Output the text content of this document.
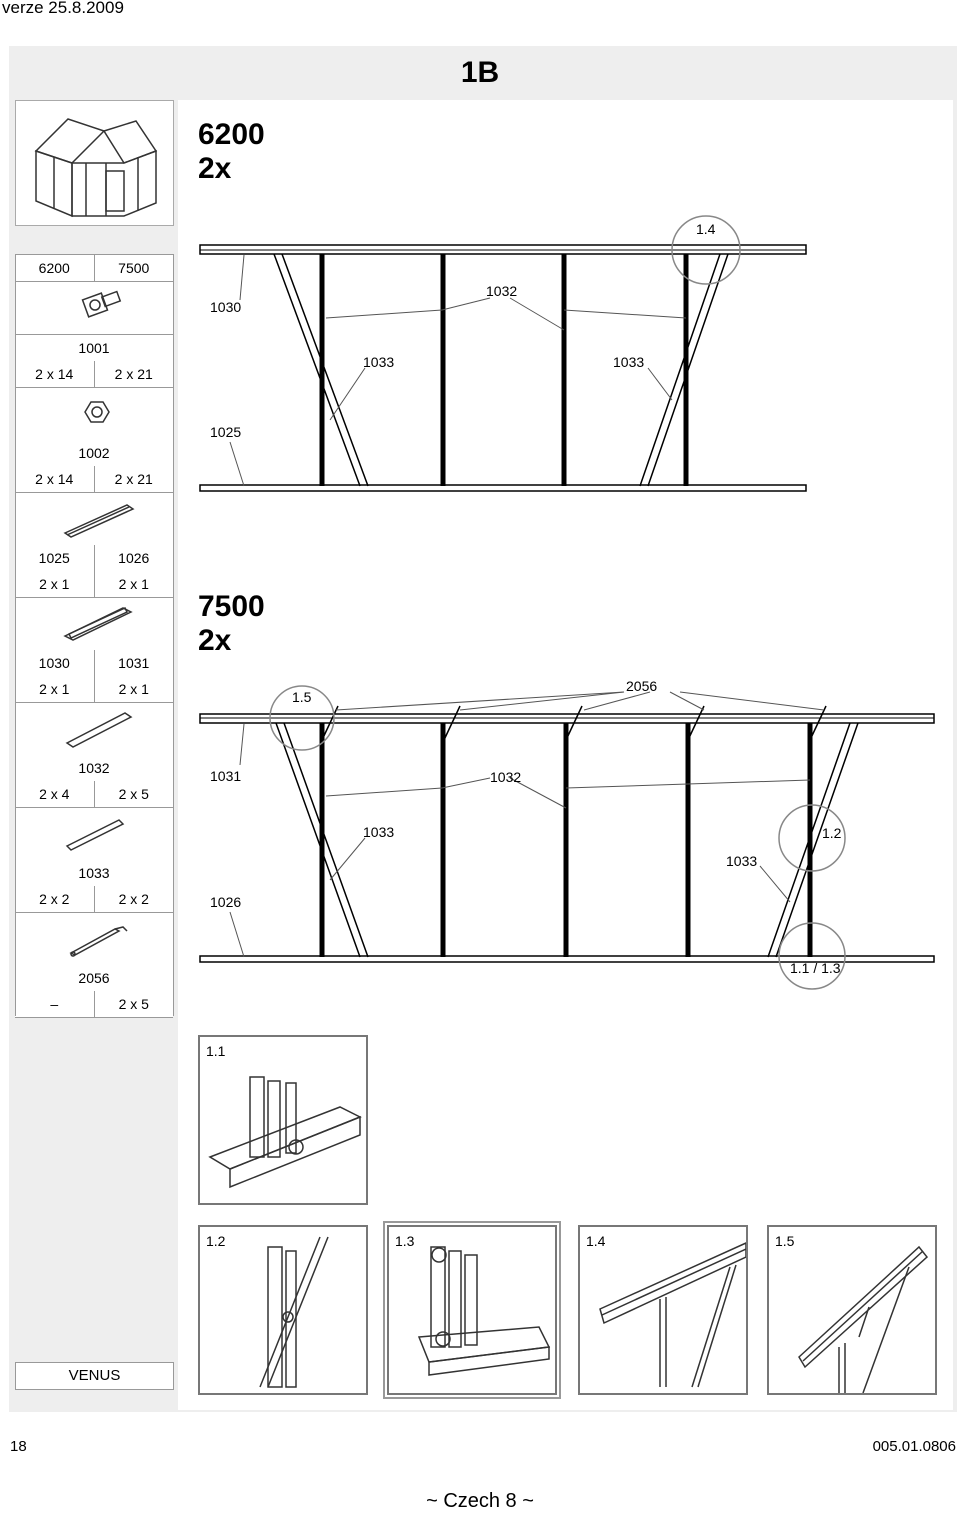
verze 25.8.2009
1B
6200	7500
1001
2 x 14	2 x 21
1002
2 x 14	2 x 21
1025	1026
2 x 1	2 x 1
1030	1031
2 x 1	2 x 1
1032
2 x 4	2 x 5
1033
2 x 2	2 x 2
2056
–	2 x 5
VENUS
6200
2x
7500
2x
1.4
1030
1032
1033	1033
1025
1.5
2056
1031	1032
1033	1.2
1033
1026
1.1 / 1.3
1.1
1.2	1.3	1.4	1.5
18	005.01.0806
~ Czech 8 ~
